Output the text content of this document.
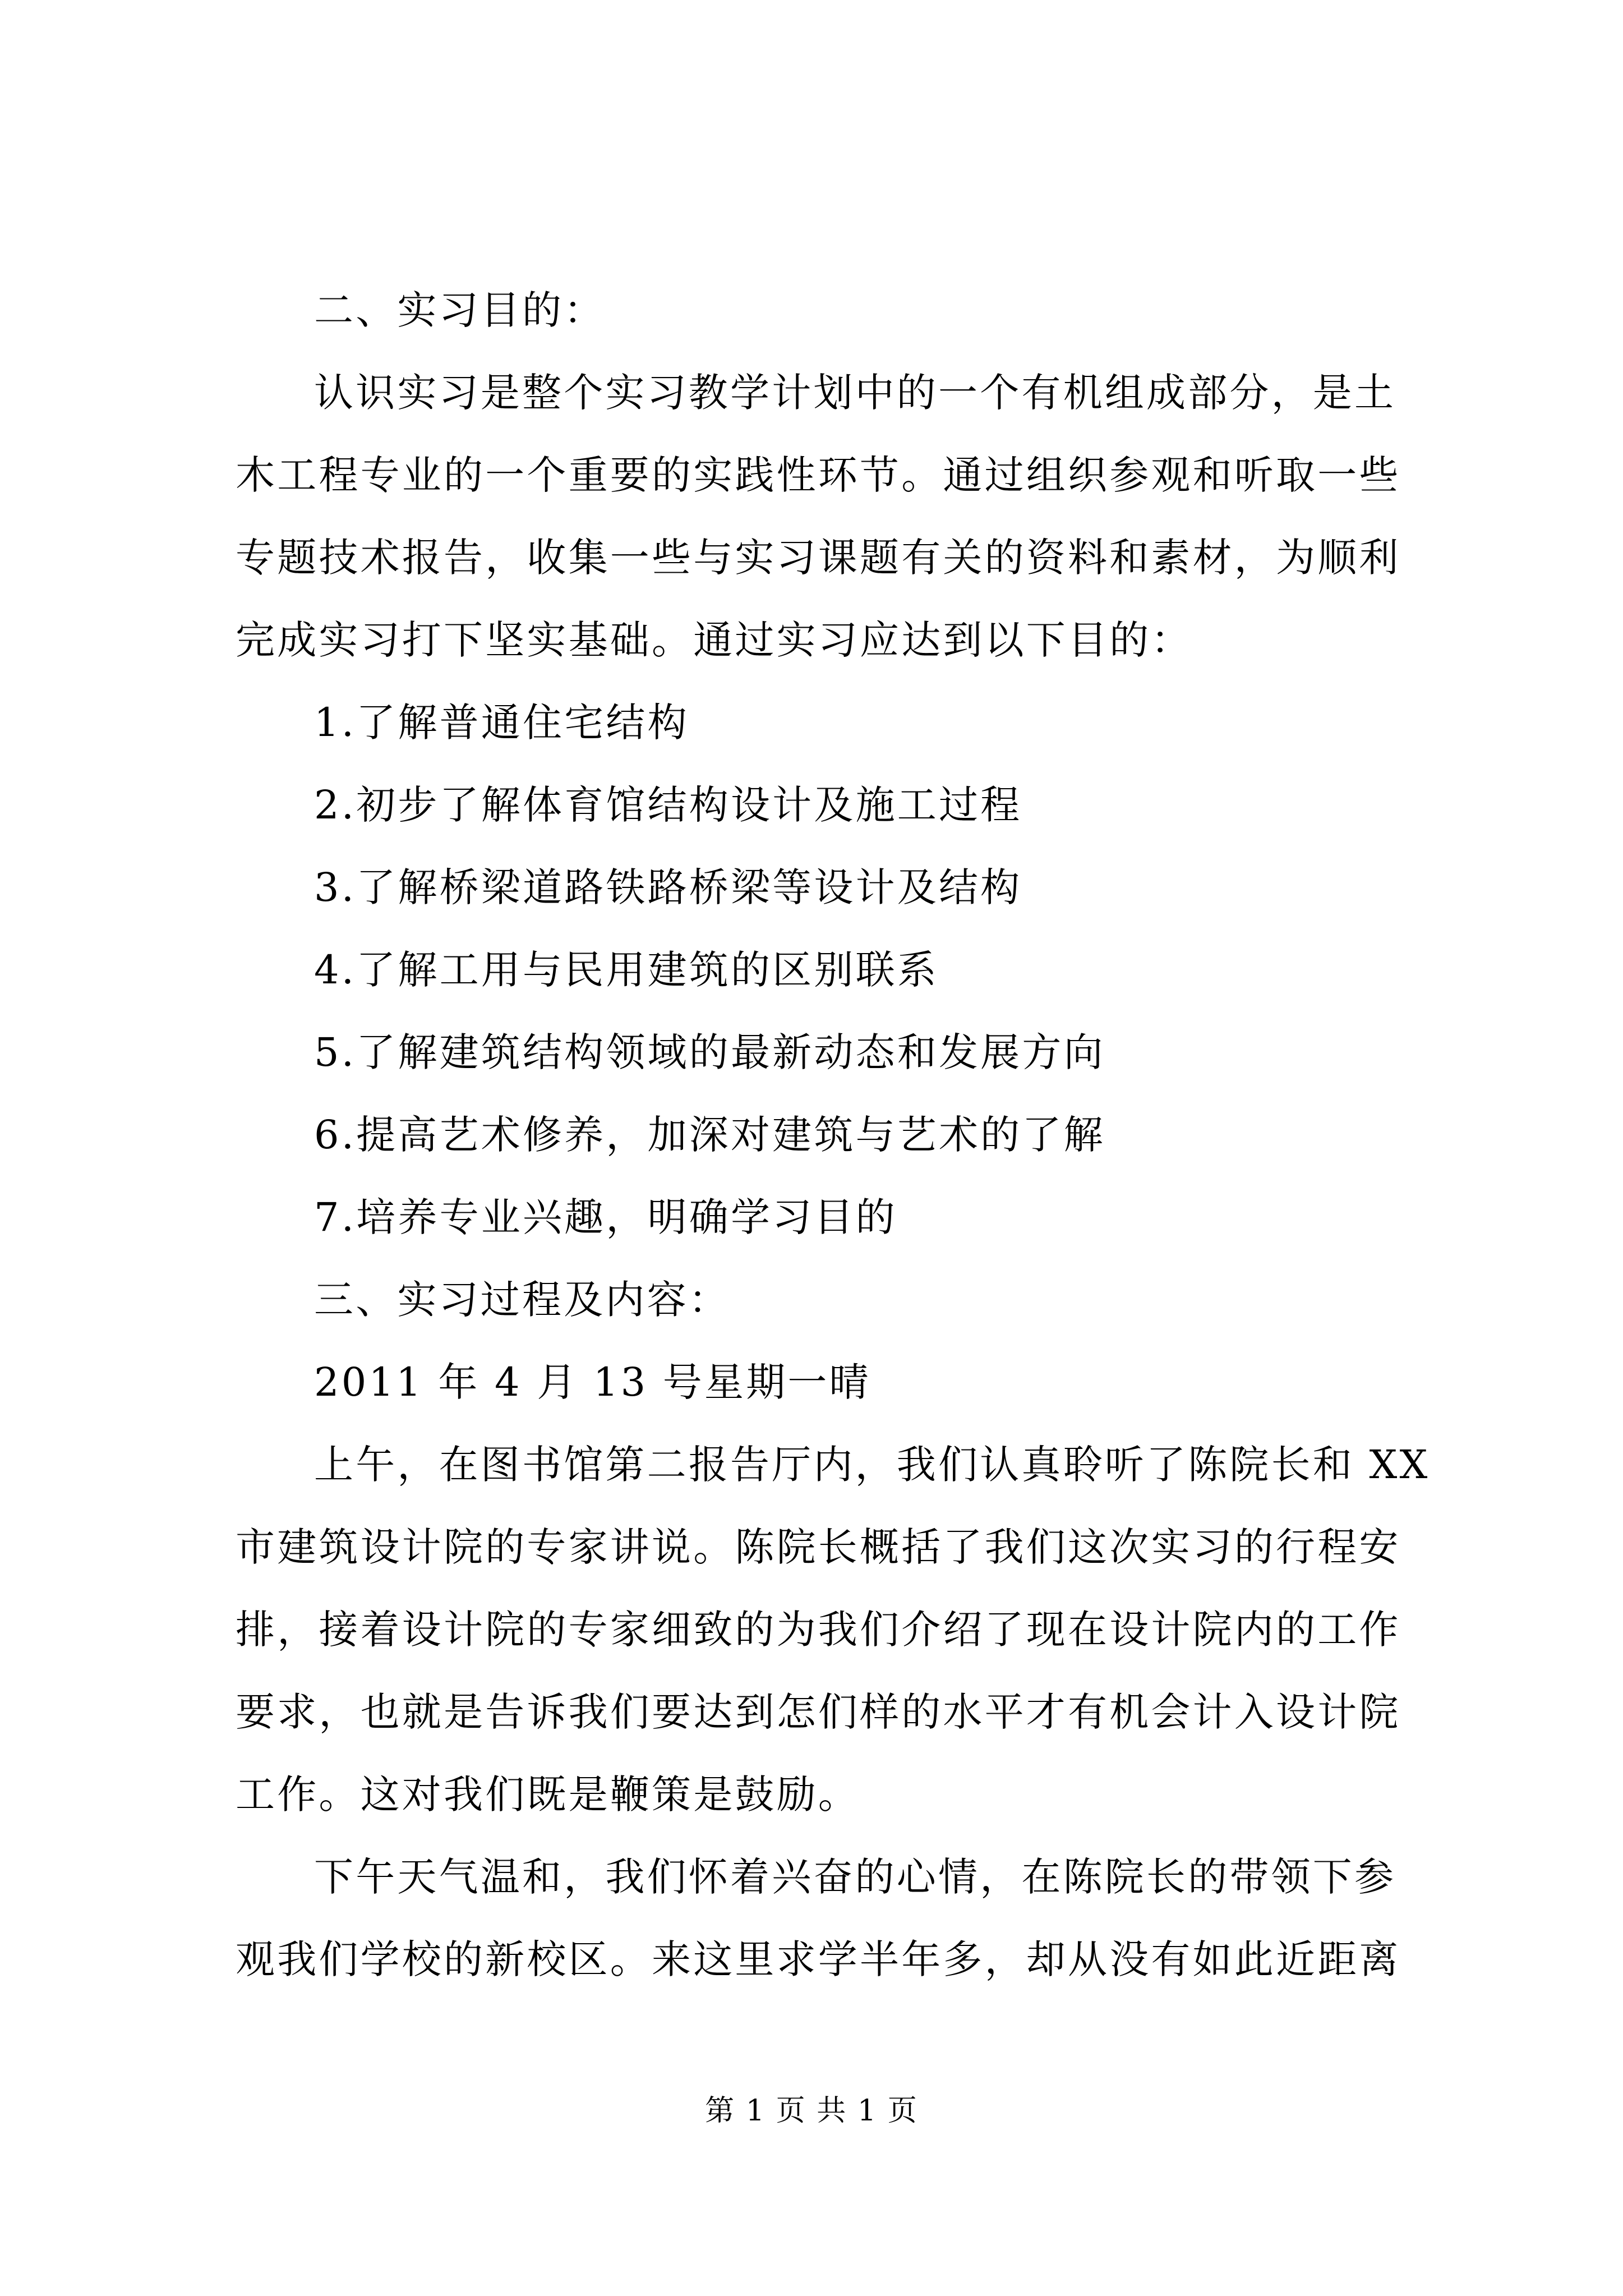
二、实习目的：

认识实习是整个实习教学计划中的一个有机组成部分，是土

木工程专业的一个重要的实践性环节。通过组织参观和听取一些

专题技术报告，收集一些与实习课题有关的资料和素材，为顺利

完成实习打下坚实基础。通过实习应达到以下目的：

1.了解普通住宅结构

2.初步了解体育馆结构设计及施工过程

3.了解桥梁道路铁路桥梁等设计及结构

4.了解工用与民用建筑的区别联系

5.了解建筑结构领域的最新动态和发展方向

6.提高艺术修养，加深对建筑与艺术的了解

7.培养专业兴趣，明确学习目的

三、实习过程及内容：

2011 年 4 月 13 号星期一晴

上午，在图书馆第二报告厅内，我们认真聆听了陈院长和 XX

市建筑设计院的专家讲说。陈院长概括了我们这次实习的行程安

排，接着设计院的专家细致的为我们介绍了现在设计院内的工作

要求，也就是告诉我们要达到怎们样的水平才有机会计入设计院

工作。这对我们既是鞭策是鼓励。

下午天气温和，我们怀着兴奋的心情，在陈院长的带领下参

观我们学校的新校区。来这里求学半年多，却从没有如此近距离

第 1 页 共 1 页
